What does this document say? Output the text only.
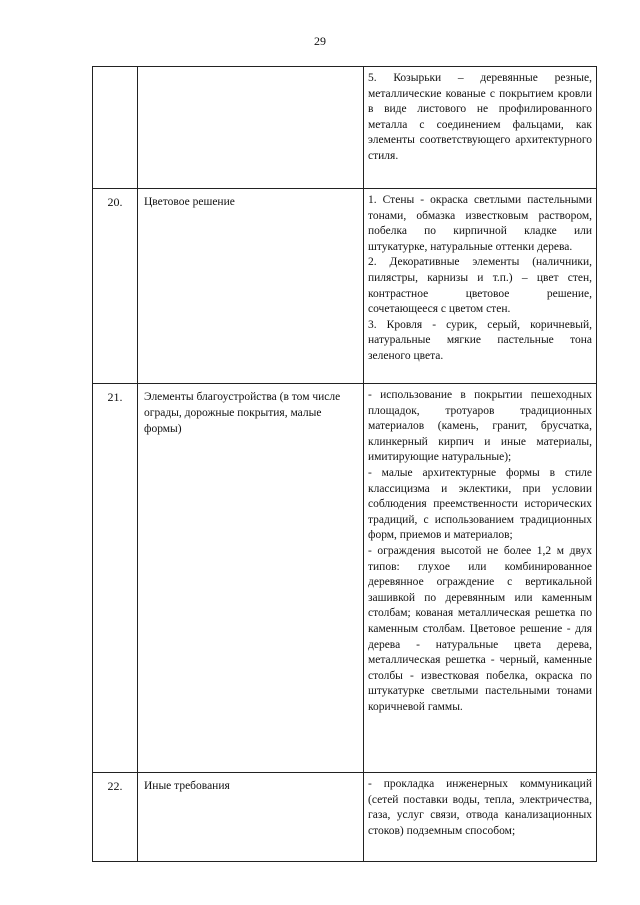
29

		5. Козырьки – деревянные резные, металлические кованые с покрытием кровли в виде листового не профилированного металла с соединением фальцами, как элементы соответствующего архитектурного стиля.

20.	Цветовое решение	1. Стены - окраска светлыми пастельными тонами, обмазка известковым раствором, побелка по кирпичной кладке или штукатурке, натуральные оттенки дерева.

2. Декоративные элементы (наличники, пилястры, карнизы и т.п.) – цвет стен, контрастное цветовое решение, сочетающееся с цветом стен.

3. Кровля - сурик, серый, коричневый, натуральные мягкие пастельные тона зеленого цвета.

21.	Элементы благоустройства (в том числе ограды, дорожные покрытия, малые формы)	- использование в покрытии пешеходных площадок, тротуаров традиционных материалов (камень, гранит, брусчатка, клинкерный кирпич и иные материалы, имитирующие натуральные);

- малые архитектурные формы в стиле классицизма и эклектики, при условии соблюдения преемственности исторических традиций, с использованием традиционных форм, приемов и материалов;

- ограждения высотой не более 1,2 м двух типов: глухое или комбинированное деревянное ограждение с вертикальной зашивкой по деревянным или каменным столбам; кованая металлическая решетка по каменным столбам. Цветовое решение - для дерева - натуральные цвета дерева, металлическая решетка - черный, каменные столбы - известковая побелка, окраска по штукатурке светлыми пастельными тонами коричневой гаммы.

22.	Иные требования	- прокладка инженерных коммуникаций (сетей поставки воды, тепла, электричества, газа, услуг связи, отвода канализационных стоков) подземным способом;
